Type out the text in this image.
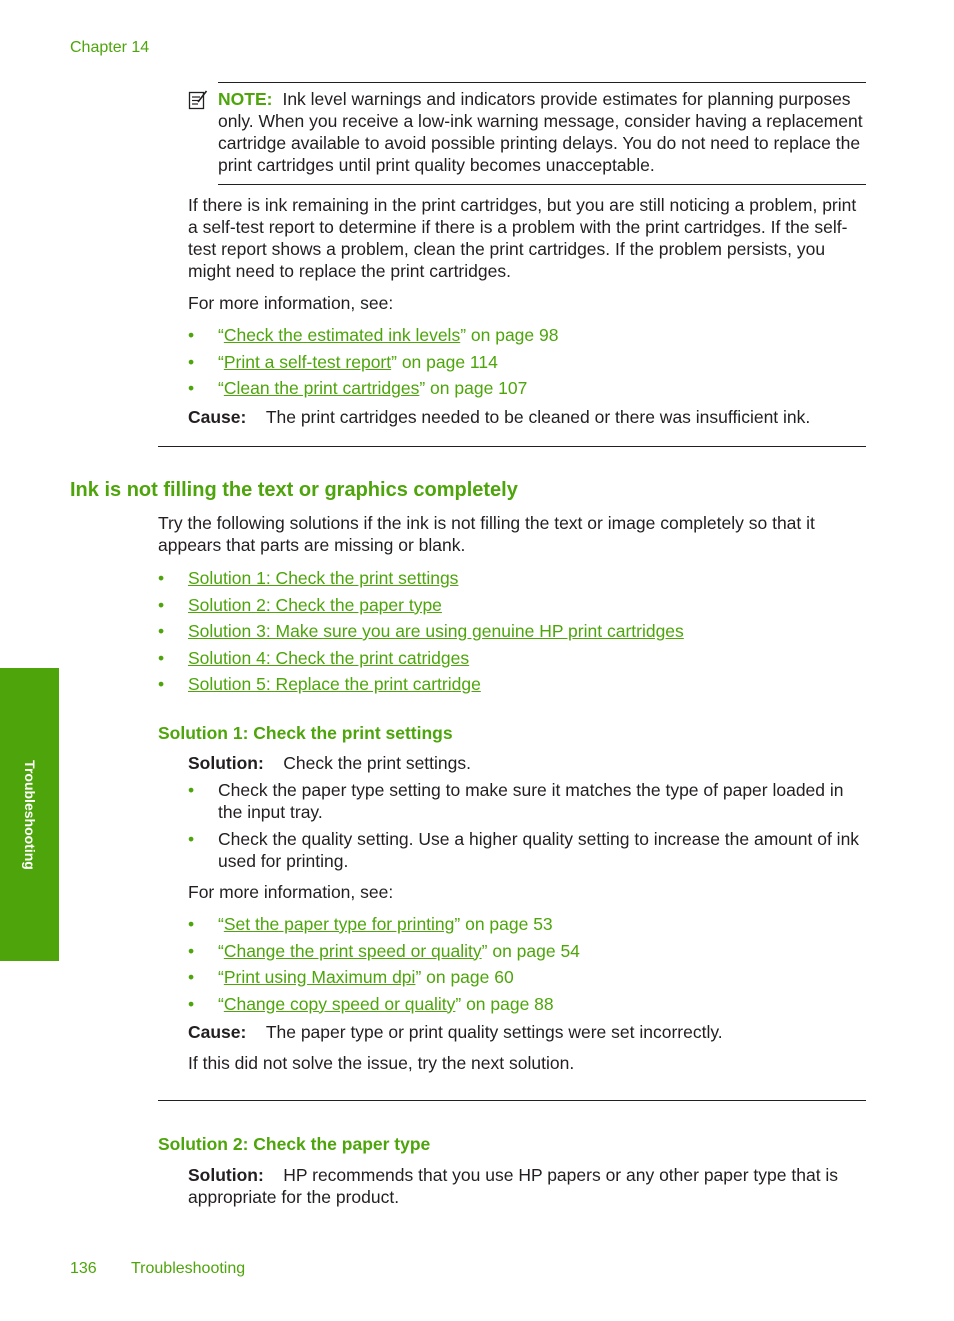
Chapter 14
NOTE: Ink level warnings and indicators provide estimates for planning purposes only. When you receive a low-ink warning message, consider having a replacement cartridge available to avoid possible printing delays. You do not need to replace the print cartridges until print quality becomes unacceptable.
If there is ink remaining in the print cartridges, but you are still noticing a problem, print a self-test report to determine if there is a problem with the print cartridges. If the self-test report shows a problem, clean the print cartridges. If the problem persists, you might need to replace the print cartridges.
For more information, see:
• “Check the estimated ink levels” on page 98
• “Print a self-test report” on page 114
• “Clean the print cartridges” on page 107
Cause: The print cartridges needed to be cleaned or there was insufficient ink.
Ink is not filling the text or graphics completely
Try the following solutions if the ink is not filling the text or image completely so that it appears that parts are missing or blank.
• Solution 1: Check the print settings
• Solution 2: Check the paper type
• Solution 3: Make sure you are using genuine HP print cartridges
• Solution 4: Check the print catridges
• Solution 5: Replace the print cartridge
Solution 1: Check the print settings
Solution: Check the print settings.
• Check the paper type setting to make sure it matches the type of paper loaded in the input tray.
• Check the quality setting. Use a higher quality setting to increase the amount of ink used for printing.
For more information, see:
• “Set the paper type for printing” on page 53
• “Change the print speed or quality” on page 54
• “Print using Maximum dpi” on page 60
• “Change copy speed or quality” on page 88
Cause: The paper type or print quality settings were set incorrectly.
If this did not solve the issue, try the next solution.
Solution 2: Check the paper type
Solution: HP recommends that you use HP papers or any other paper type that is appropriate for the product.
Troubleshooting
136 Troubleshooting
